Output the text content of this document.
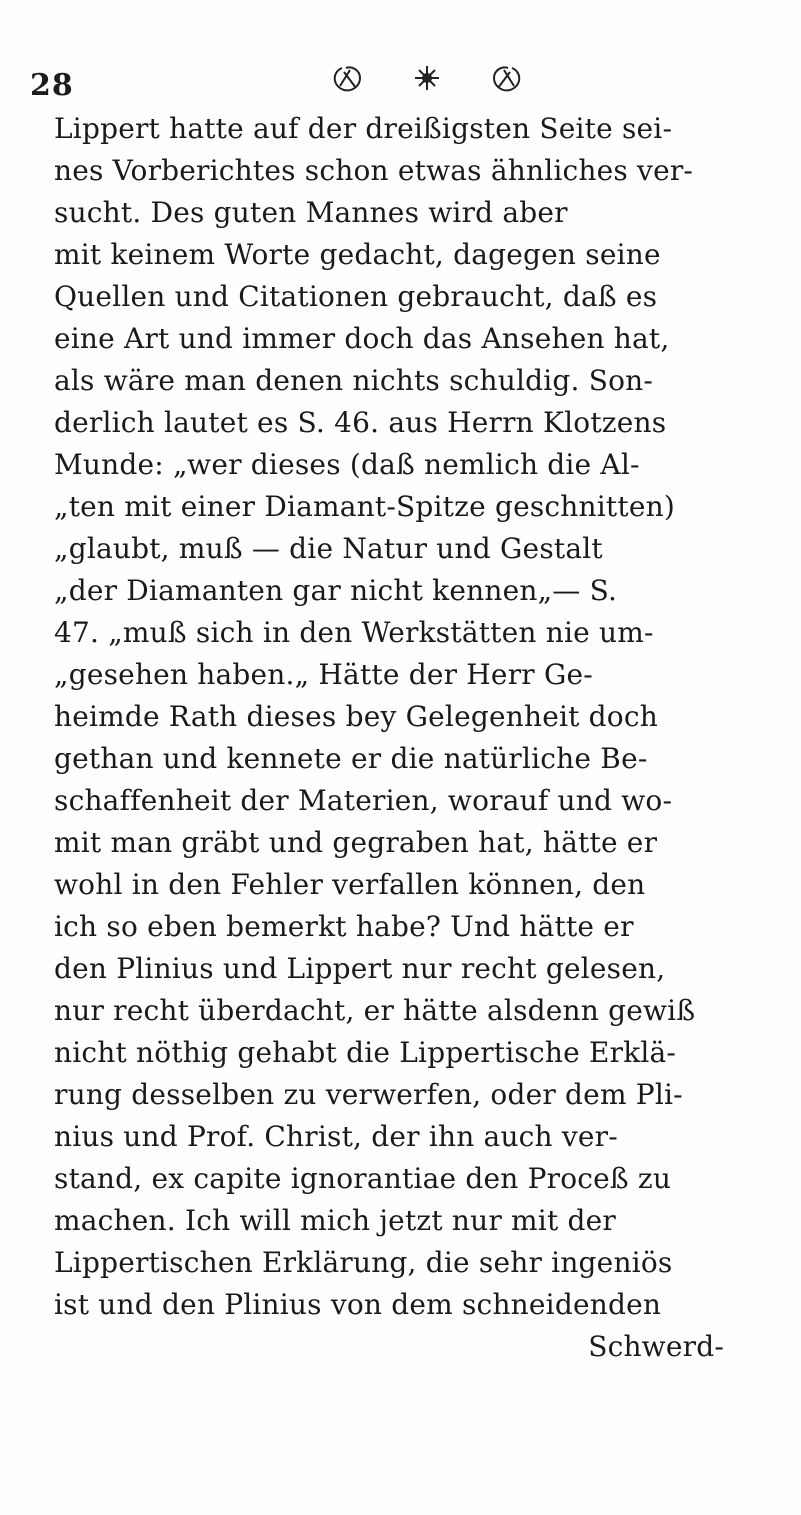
28
Lippert hatte auf der dreißigsten Seite sei-
nes Vorberichtes schon etwas ähnliches ver-
sucht. Des guten Mannes wird aber
mit keinem Worte gedacht, dagegen seine
Quellen und Citationen gebraucht, daß es
eine Art und immer doch das Ansehen hat,
als wäre man denen nichts schuldig. Son-
derlich lautet es S. 46. aus Herrn Klotzens
Munde: „wer dieses (daß nemlich die Al-
„ten mit einer Diamant-Spitze geschnitten)
„glaubt, muß — die Natur und Gestalt
„der Diamanten gar nicht kennen„— S.
47. „muß sich in den Werkstätten nie um-
„gesehen haben.„ Hätte der Herr Ge-
heimde Rath dieses bey Gelegenheit doch
gethan und kennete er die natürliche Be-
schaffenheit der Materien, worauf und wo-
mit man gräbt und gegraben hat, hätte er
wohl in den Fehler verfallen können, den
ich so eben bemerkt habe? Und hätte er
den Plinius und Lippert nur recht gelesen,
nur recht überdacht, er hätte alsdenn gewiß
nicht nöthig gehabt die Lippertische Erklä-
rung desselben zu verwerfen, oder dem Pli-
nius und Prof. Christ, der ihn auch ver-
stand, ex capite ignorantiae den Proceß zu
machen. Ich will mich jetzt nur mit der
Lippertischen Erklärung, die sehr ingeniös
ist und den Plinius von dem schneidenden
Schwerd-
